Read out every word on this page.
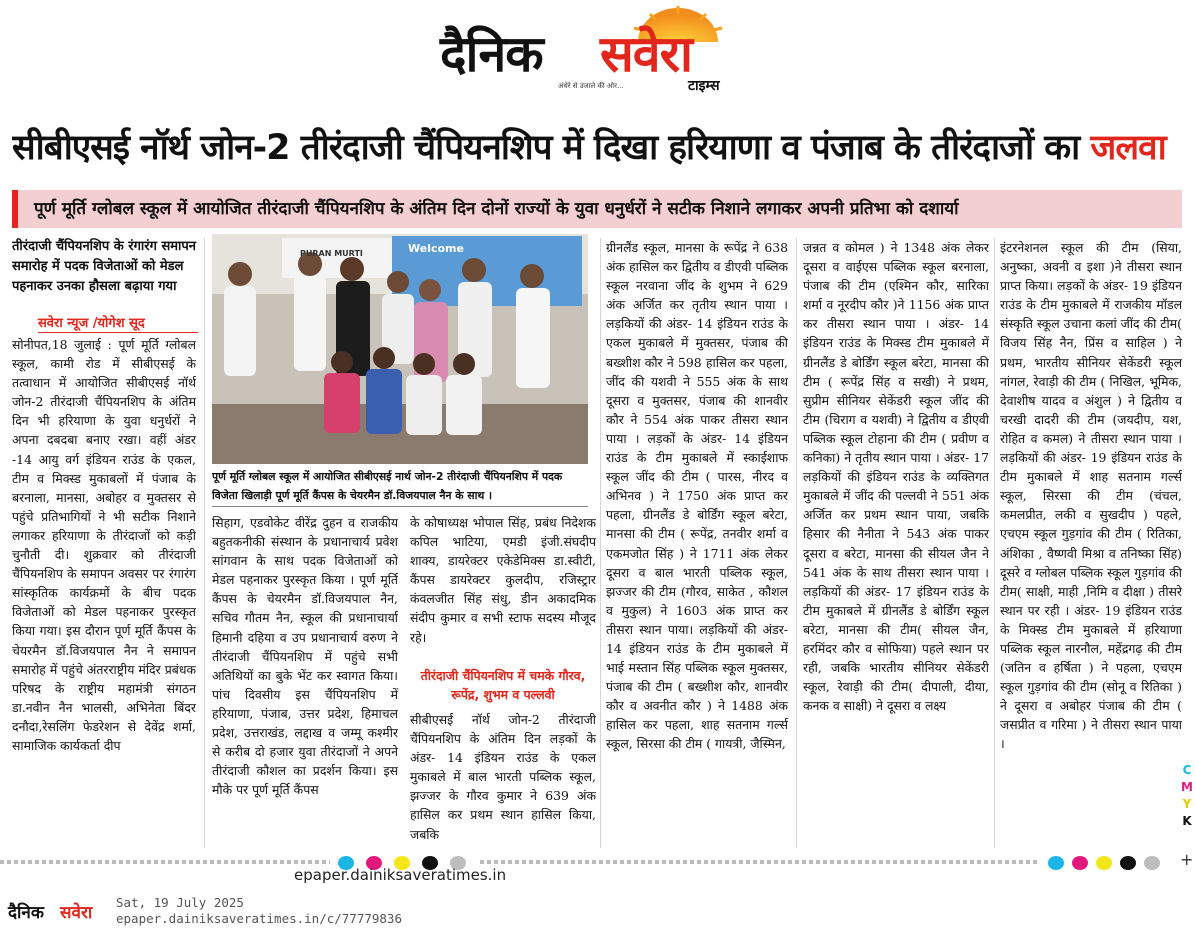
दैनिक सवेरा
अंधेरे से उजाले की ओर...	टाइम्स
सीबीएसई नॉर्थ जोन-2 तीरंदाजी चैंपियनशिप में दिखा हरियाणा व पंजाब के तीरंदाजों का जलवा
पूर्ण मूर्ति ग्लोबल स्कूल में आयोजित तीरंदाजी चैंपियनशिप के अंतिम दिन दोनों राज्यों के युवा धनुर्धरों ने सटीक निशाने लगाकर अपनी प्रतिभा को दशार्या
तीरंदाजी चैंपियनशिप के रंगारंग समापन समारोह में पदक विजेताओं को मेडल पहनाकर उनका हौसला बढ़ाया गया
सवेरा न्यूज /योगेश सूद
सोनीपत,18 जुलाई : पूर्ण मूर्ति ग्लोबल स्कूल, कामी रोड में सीबीएसई के तत्वाधान में आयोजित सीबीएसई नॉर्थ जोन-2 तीरंदाजी चैंपियनशिप के अंतिम दिन भी हरियाणा के युवा धनुर्धरों ने अपना दबदबा बनाए रखा। वहीं अंडर -14 आयु वर्ग इंडियन राउंड के एकल, टीम व मिक्स्ड मुकाबलों में पंजाब के बरनाला, मानसा, अबोहर व मुक्तसर से पहुंचे प्रतिभागियों ने भी सटीक निशाने लगाकर हरियाणा के तीरंदाजों को कड़ी चुनौती दी। शुक्रवार को तीरंदाजी चैंपियनशिप के समापन अवसर पर रंगारंग सांस्कृतिक कार्यक्रमों के बीच पदक विजेताओं को मेडल पहनाकर पुरस्कृत किया गया। इस दौरान पूर्ण मूर्ति कैंपस के चेयरमैन डॉ.विजयपाल नैन ने समापन समारोह में पहुंचे अंतरराष्ट्रीय मंदिर प्रबंधक परिषद के राष्ट्रीय महामंत्री संगठन डा.नवीन नैन भालसी, अभिनेता बिंदर दनौदा,रेसलिंग फेडरेशन से देवेंद्र शर्मा, सामाजिक कार्यकर्ता दीप
PURAN MURTI	Welcome
पूर्ण मूर्ति ग्लोबल स्कूल में आयोजित सीबीएसई नार्थ जोन-2 तीरंदाजी चैंपियनशिप में पदक विजेता खिलाड़ी पूर्ण मूर्ति कैंपस के चेयरमैन डॉ.विजयपाल नैन के साथ ।
सिहाग, एडवोकेट वीरेंद्र दुहन व राजकीय बहुतकनीकी संस्थान के प्रधानाचार्य प्रवेश सांगवान के साथ पदक विजेताओं को मेडल पहनाकर पुरस्कृत किया । पूर्ण मूर्ति कैंपस के चेयरमैन डॉ.विजयपाल नैन, सचिव गौतम नैन, स्कूल की प्रधानाचार्या हिमानी दहिया व उप प्रधानाचार्य वरुण ने तीरंदाजी चैंपियनशिप में पहुंचे सभी अतिथियों का बुके भेंट कर स्वागत किया। पांच दिवसीय इस चैंपियनशिप में हरियाणा, पंजाब, उत्तर प्रदेश, हिमाचल प्रदेश, उत्तराखंड, लद्दाख व जम्मू कश्मीर से करीब दो हजार युवा तीरंदाजों ने अपने तीरंदाजी कौशल का प्रदर्शन किया। इस मौके पर पूर्ण मूर्ति कैंपस
के कोषाध्यक्ष भोपाल सिंह, प्रबंध निदेशक कपिल भाटिया, एमडी इंजी.संघदीप शाक्य, डायरेक्टर एकेडेमिक्स डा.स्वीटी, कैंपस डायरेक्टर कुलदीप, रजिस्ट्रार कंवलजीत सिंह संधु, डीन अकादमिक संदीप कुमार व सभी स्टाफ सदस्य मौजूद रहे।
तीरंदाजी चैंपियनशिप में चमके गौरव, रूपेंद्र, शुभम व पल्लवी
सीबीएसई नॉर्थ जोन-2 तीरंदाजी चैंपियनशिप के अंतिम दिन लड़कों के अंडर- 14 इंडियन राउंड के एकल मुकाबले में बाल भारती पब्लिक स्कूल, झज्जर के गौरव कुमार ने 639 अंक हासिल कर प्रथम स्थान हासिल किया, जबकि
ग्रीनलैंड स्कूल, मानसा के रूपेंद्र ने 638 अंक हासिल कर द्वितीय व डीएवी पब्लिक स्कूल नरवाना जींद के शुभम ने 629 अंक अर्जित कर तृतीय स्थान पाया । लड़कियों की अंडर- 14 इंडियन राउंड के एकल मुकाबले में मुक्तसर, पंजाब की बख्शीश कौर ने 598 हासिल कर पहला, जींद की यशवी ने 555 अंक के साथ दूसरा व मुक्तसर, पंजाब की शानवीर कौर ने 554 अंक पाकर तीसरा स्थान पाया । लड़कों के अंडर- 14 इंडियन राउंड के टीम मुकाबले में स्काईशाफ स्कूल जींद की टीम ( पारस, नीरद व अभिनव ) ने 1750 अंक प्राप्त कर पहला, ग्रीनलैंड डे बोर्डिंग स्कूल बरेटा, मानसा की टीम ( रूपेंद्र, तनवीर शर्मा व एकमजोत सिंह ) ने 1711 अंक लेकर दूसरा व बाल भारती पब्लिक स्कूल, झज्जर की टीम (गौरव, साकेत , कौशल व मुकुल) ने 1603 अंक प्राप्त कर तीसरा स्थान पाया। लड़कियों की अंडर- 14 इंडियन राउंड के टीम मुकाबले में भाई मस्तान सिंह पब्लिक स्कूल मुक्तसर, पंजाब की टीम ( बख्शीश कौर, शानवीर कौर व अवनीत कौर ) ने 1488 अंक हासिल कर पहला, शाह सतनाम गर्ल्स स्कूल, सिरसा की टीम ( गायत्री, जैस्मिन,
जन्नत व कोमल ) ने 1348 अंक लेकर दूसरा व वाईएस पब्लिक स्कूल बरनाला, पंजाब की टीम (एश्मिन कौर, सारिका शर्मा व नूरदीप कौर )ने 1156 अंक प्राप्त कर तीसरा स्थान पाया । अंडर- 14 इंडियन राउंड के मिक्स्ड टीम मुकाबले में ग्रीनलैंड डे बोर्डिंग स्कूल बरेटा, मानसा की टीम ( रूपेंद्र सिंह व सखी) ने प्रथम, सुप्रीम सीनियर सेकेंडरी स्कूल जींद की टीम (चिराग व यशवी) ने द्वितीय व डीएवी पब्लिक स्कूल टोहाना की टीम ( प्रवीण व कनिका) ने तृतीय स्थान पाया । अंडर- 17 लड़कियों की इंडियन राउंड के व्यक्तिगत मुकाबले में जींद की पल्लवी ने 551 अंक अर्जित कर प्रथम स्थान पाया, जबकि हिसार की नैनीता ने 543 अंक पाकर दूसरा व बरेटा, मानसा की सीयल जैन ने 541 अंक के साथ तीसरा स्थान पाया । लड़कियों की अंडर- 17 इंडियन राउंड के टीम मुकाबले में ग्रीनलैंड डे बोर्डिंग स्कूल बरेटा, मानसा की टीम( सीयल जैन, हरमिंदर कौर व सोफिया) पहले स्थान पर रही, जबकि भारतीय सीनियर सेकेंडरी स्कूल, रेवाड़ी की टीम( दीपाली, दीया, कनक व साक्षी) ने दूसरा व लक्ष्य
इंटरनेशनल स्कूल की टीम (सिया, अनुष्का, अवनी व इशा )ने तीसरा स्थान प्राप्त किया। लड़कों के अंडर- 19 इंडियन राउंड के टीम मुकाबले में राजकीय मॉडल संस्कृति स्कूल उचाना कलां जींद की टीम( विजय सिंह नैन, प्रिंस व साहिल ) ने प्रथम, भारतीय सीनियर सेकेंडरी स्कूल नांगल, रेवाड़ी की टीम ( निखिल, भूमिक, देवाशीष यादव व अंशुल ) ने द्वितीय व चरखी दादरी की टीम (जयदीप, यश, रोहित व कमल) ने तीसरा स्थान पाया । लड़कियों की अंडर- 19 इंडियन राउंड के टीम मुकाबले में शाह सतनाम गर्ल्स स्कूल, सिरसा की टीम (चंचल, कमलप्रीत, लकी व सुखदीप ) पहले, एचएम स्कूल गुड़गांव की टीम ( रितिका, अंशिका , वैष्णवी मिश्रा व तनिष्का सिंह) दूसरे व ग्लोबल पब्लिक स्कूल गुड़गांव की टीम( साक्षी, माही ,निमि व दीक्षा ) तीसरे स्थान पर रही । अंडर- 19 इंडियन राउंड के मिक्स्ड टीम मुकाबले में हरियाणा पब्लिक स्कूल नारनौल, महेंद्रगढ़ की टीम (जतिन व हर्षिता ) ने पहला, एचएम स्कूल गुड़गांव की टीम (सोनू व रितिका ) ने दूसरा व अबोहर पंजाब की टीम ( जसप्रीत व गरिमा ) ने तीसरा स्थान पाया ।
C
M
Y
K
+
epaper.dainiksaveratimes.in
दैनिक सवेरा
Sat, 19 July 2025
epaper.dainiksaveratimes.in/c/77779836
